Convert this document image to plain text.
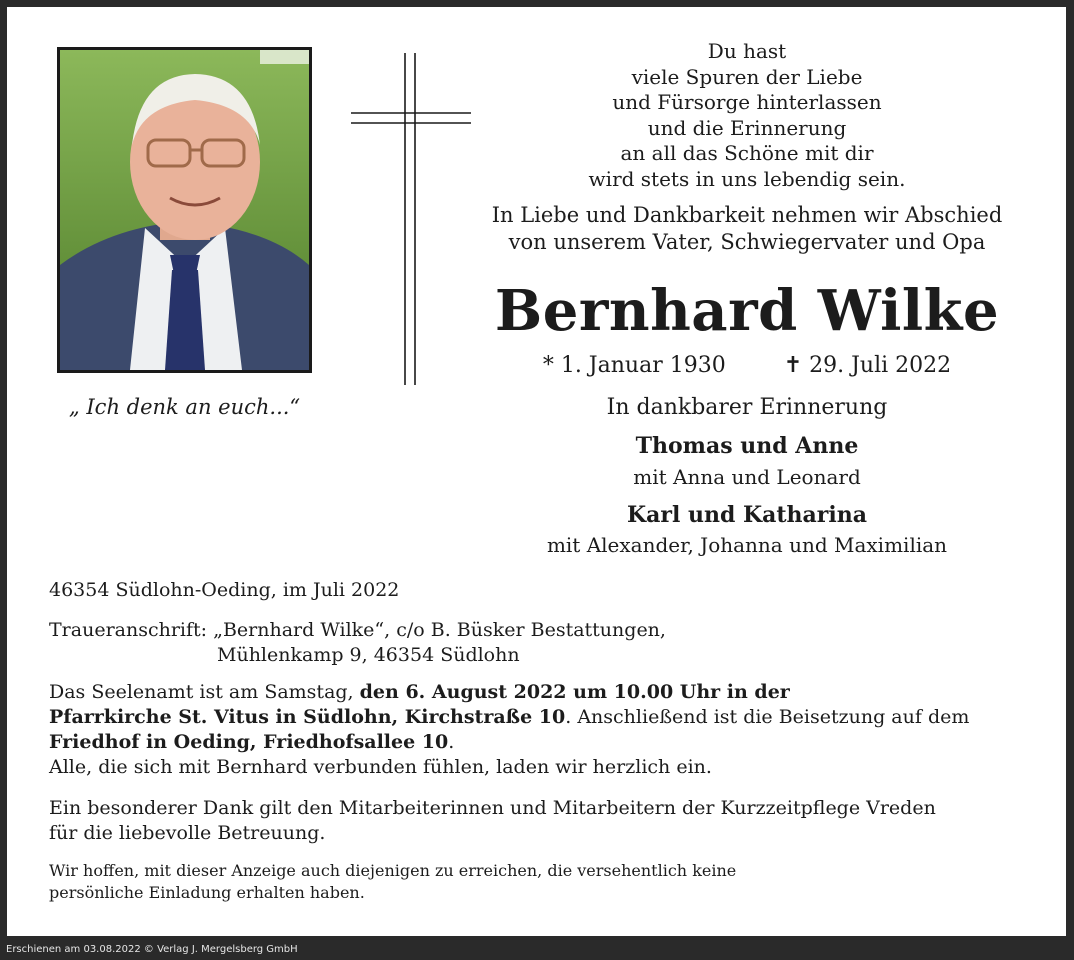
„ Ich denk an euch...“
Du hast
viele Spuren der Liebe
und Fürsorge hinterlassen
und die Erinnerung
an all das Schöne mit dir
wird stets in uns lebendig sein.
In Liebe und Dankbarkeit nehmen wir Abschied
von unserem Vater, Schwiegervater und Opa
Bernhard Wilke
* 1. Januar 1930	✝ 29. Juli 2022
In dankbarer Erinnerung
Thomas und Anne
mit Anna und Leonard
Karl und Katharina
mit Alexander, Johanna und Maximilian
46354 Südlohn-Oeding, im Juli 2022
Traueranschrift: „Bernhard Wilke“, c/o B. Büsker Bestattungen,
Mühlenkamp 9, 46354 Südlohn
Das Seelenamt ist am Samstag, den 6. August 2022 um 10.00 Uhr in der
Pfarrkirche St. Vitus in Südlohn, Kirchstraße 10. Anschließend ist die Beisetzung auf dem
Friedhof in Oeding, Friedhofsallee 10.
Alle, die sich mit Bernhard verbunden fühlen, laden wir herzlich ein.
Ein besonderer Dank gilt den Mitarbeiterinnen und Mitarbeitern der Kurzzeitpflege Vreden
für die liebevolle Betreuung.
Wir hoffen, mit dieser Anzeige auch diejenigen zu erreichen, die versehentlich keine
persönliche Einladung erhalten haben.
Erschienen am 03.08.2022 © Verlag J. Mergelsberg GmbH
